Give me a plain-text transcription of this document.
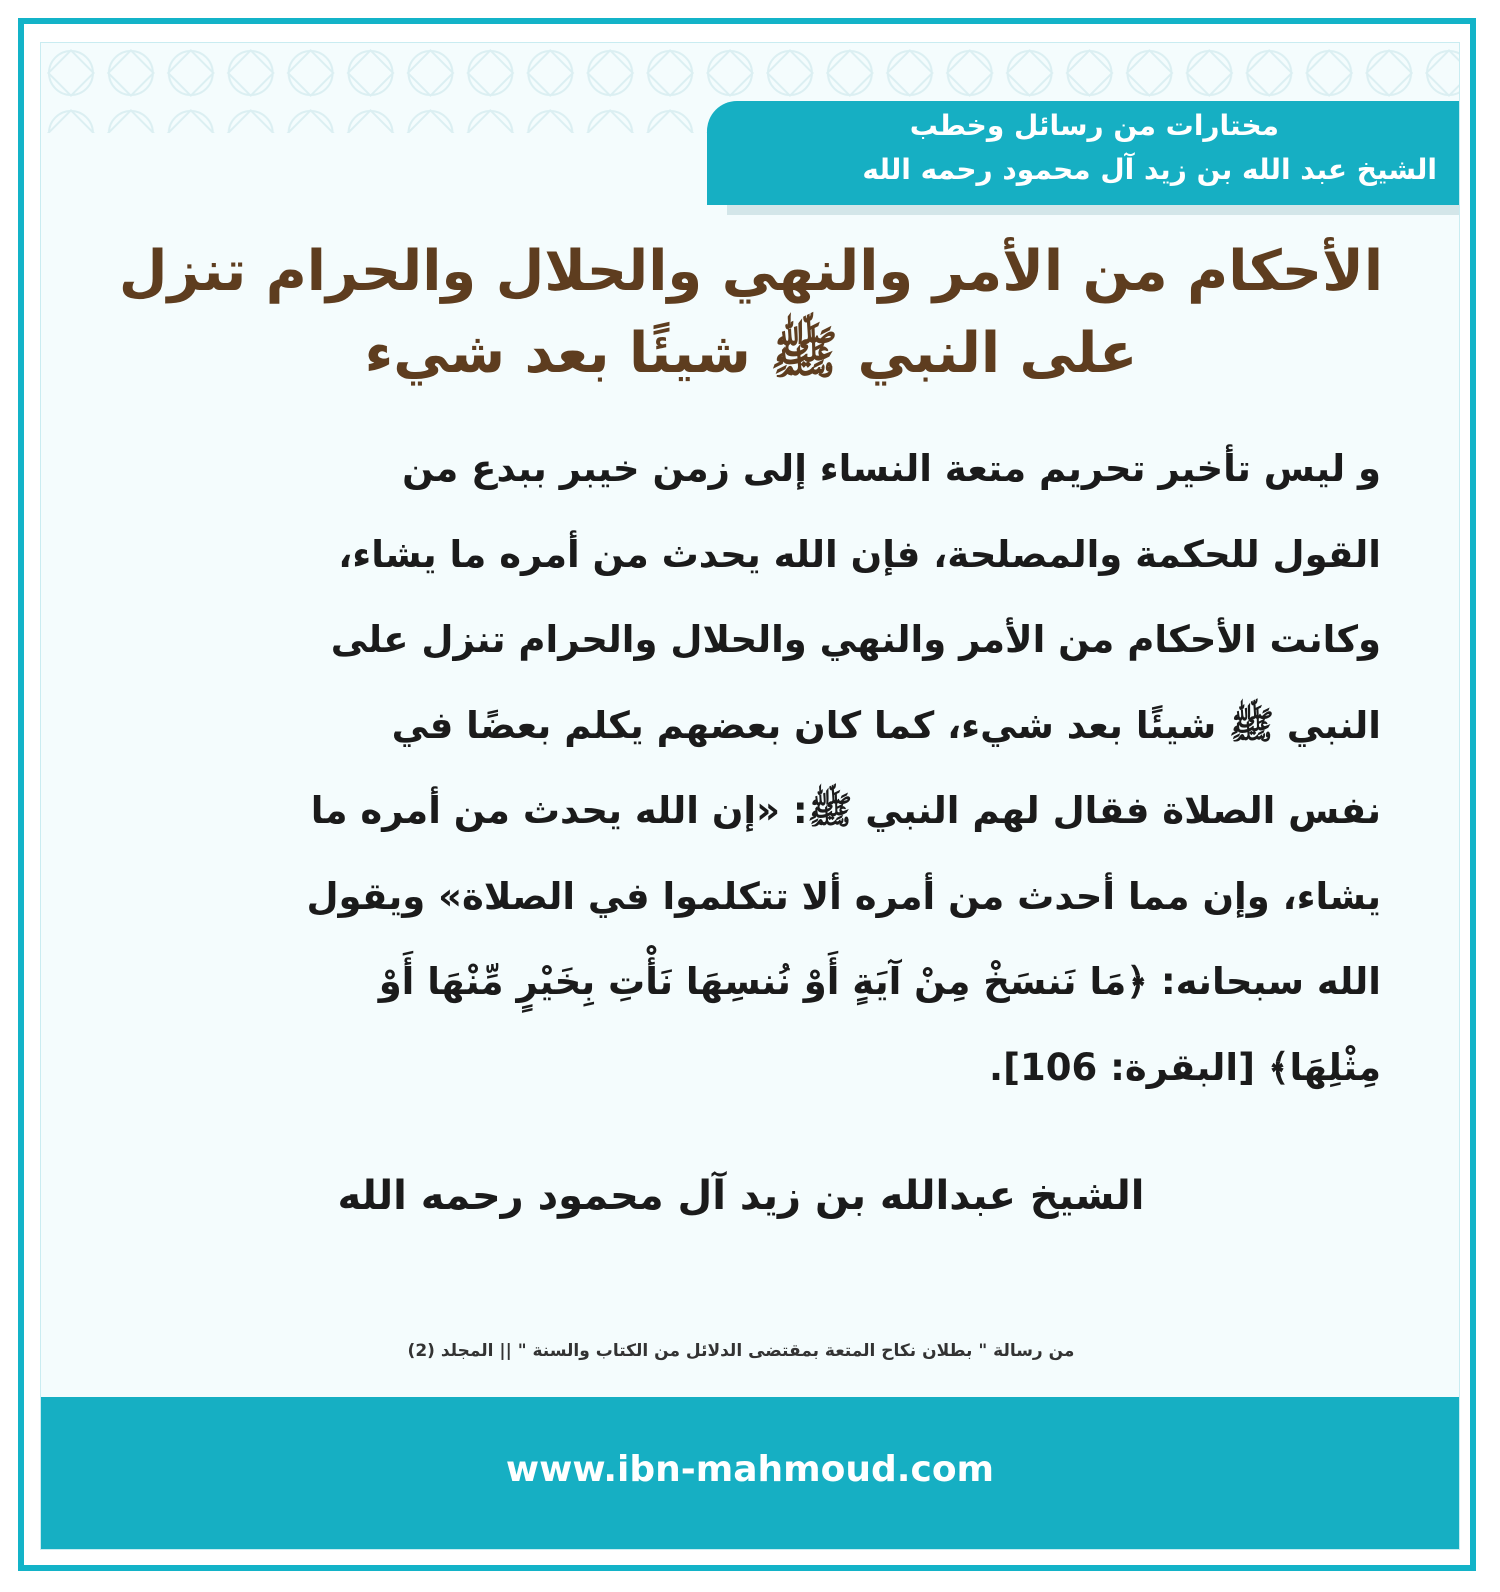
مختارات من رسائل وخطب
الشيخ عبد الله بن زيد آل محمود رحمه الله
الأحكام من الأمر والنهي والحلال والحرام تنزل
على النبي ﷺ شيئًا بعد شيء

و ليس تأخير تحريم متعة النساء إلى زمن خيبر ببدع من

القول للحكمة والمصلحة، فإن الله يحدث من أمره ما يشاء،

وكانت الأحكام من الأمر والنهي والحلال والحرام تنزل على

النبي ﷺ شيئًا بعد شيء، كما كان بعضهم يكلم بعضًا في

نفس الصلاة فقال لهم النبي ﷺ: «إن الله يحدث من أمره ما

يشاء، وإن مما أحدث من أمره ألا تتكلموا في الصلاة» ويقول

الله سبحانه: ﴿مَا نَنسَخْ مِنْ آيَةٍ أَوْ نُنسِهَا نَأْتِ بِخَيْرٍ مِّنْهَا أَوْ

مِثْلِهَا﴾ [البقرة: 106].

الشيخ عبدالله بن زيد آل محمود رحمه الله
من رسالة " بطلان نكاح المتعة بمقتضى الدلائل من الكتاب والسنة " || المجلد (2)
www.ibn-mahmoud.com
